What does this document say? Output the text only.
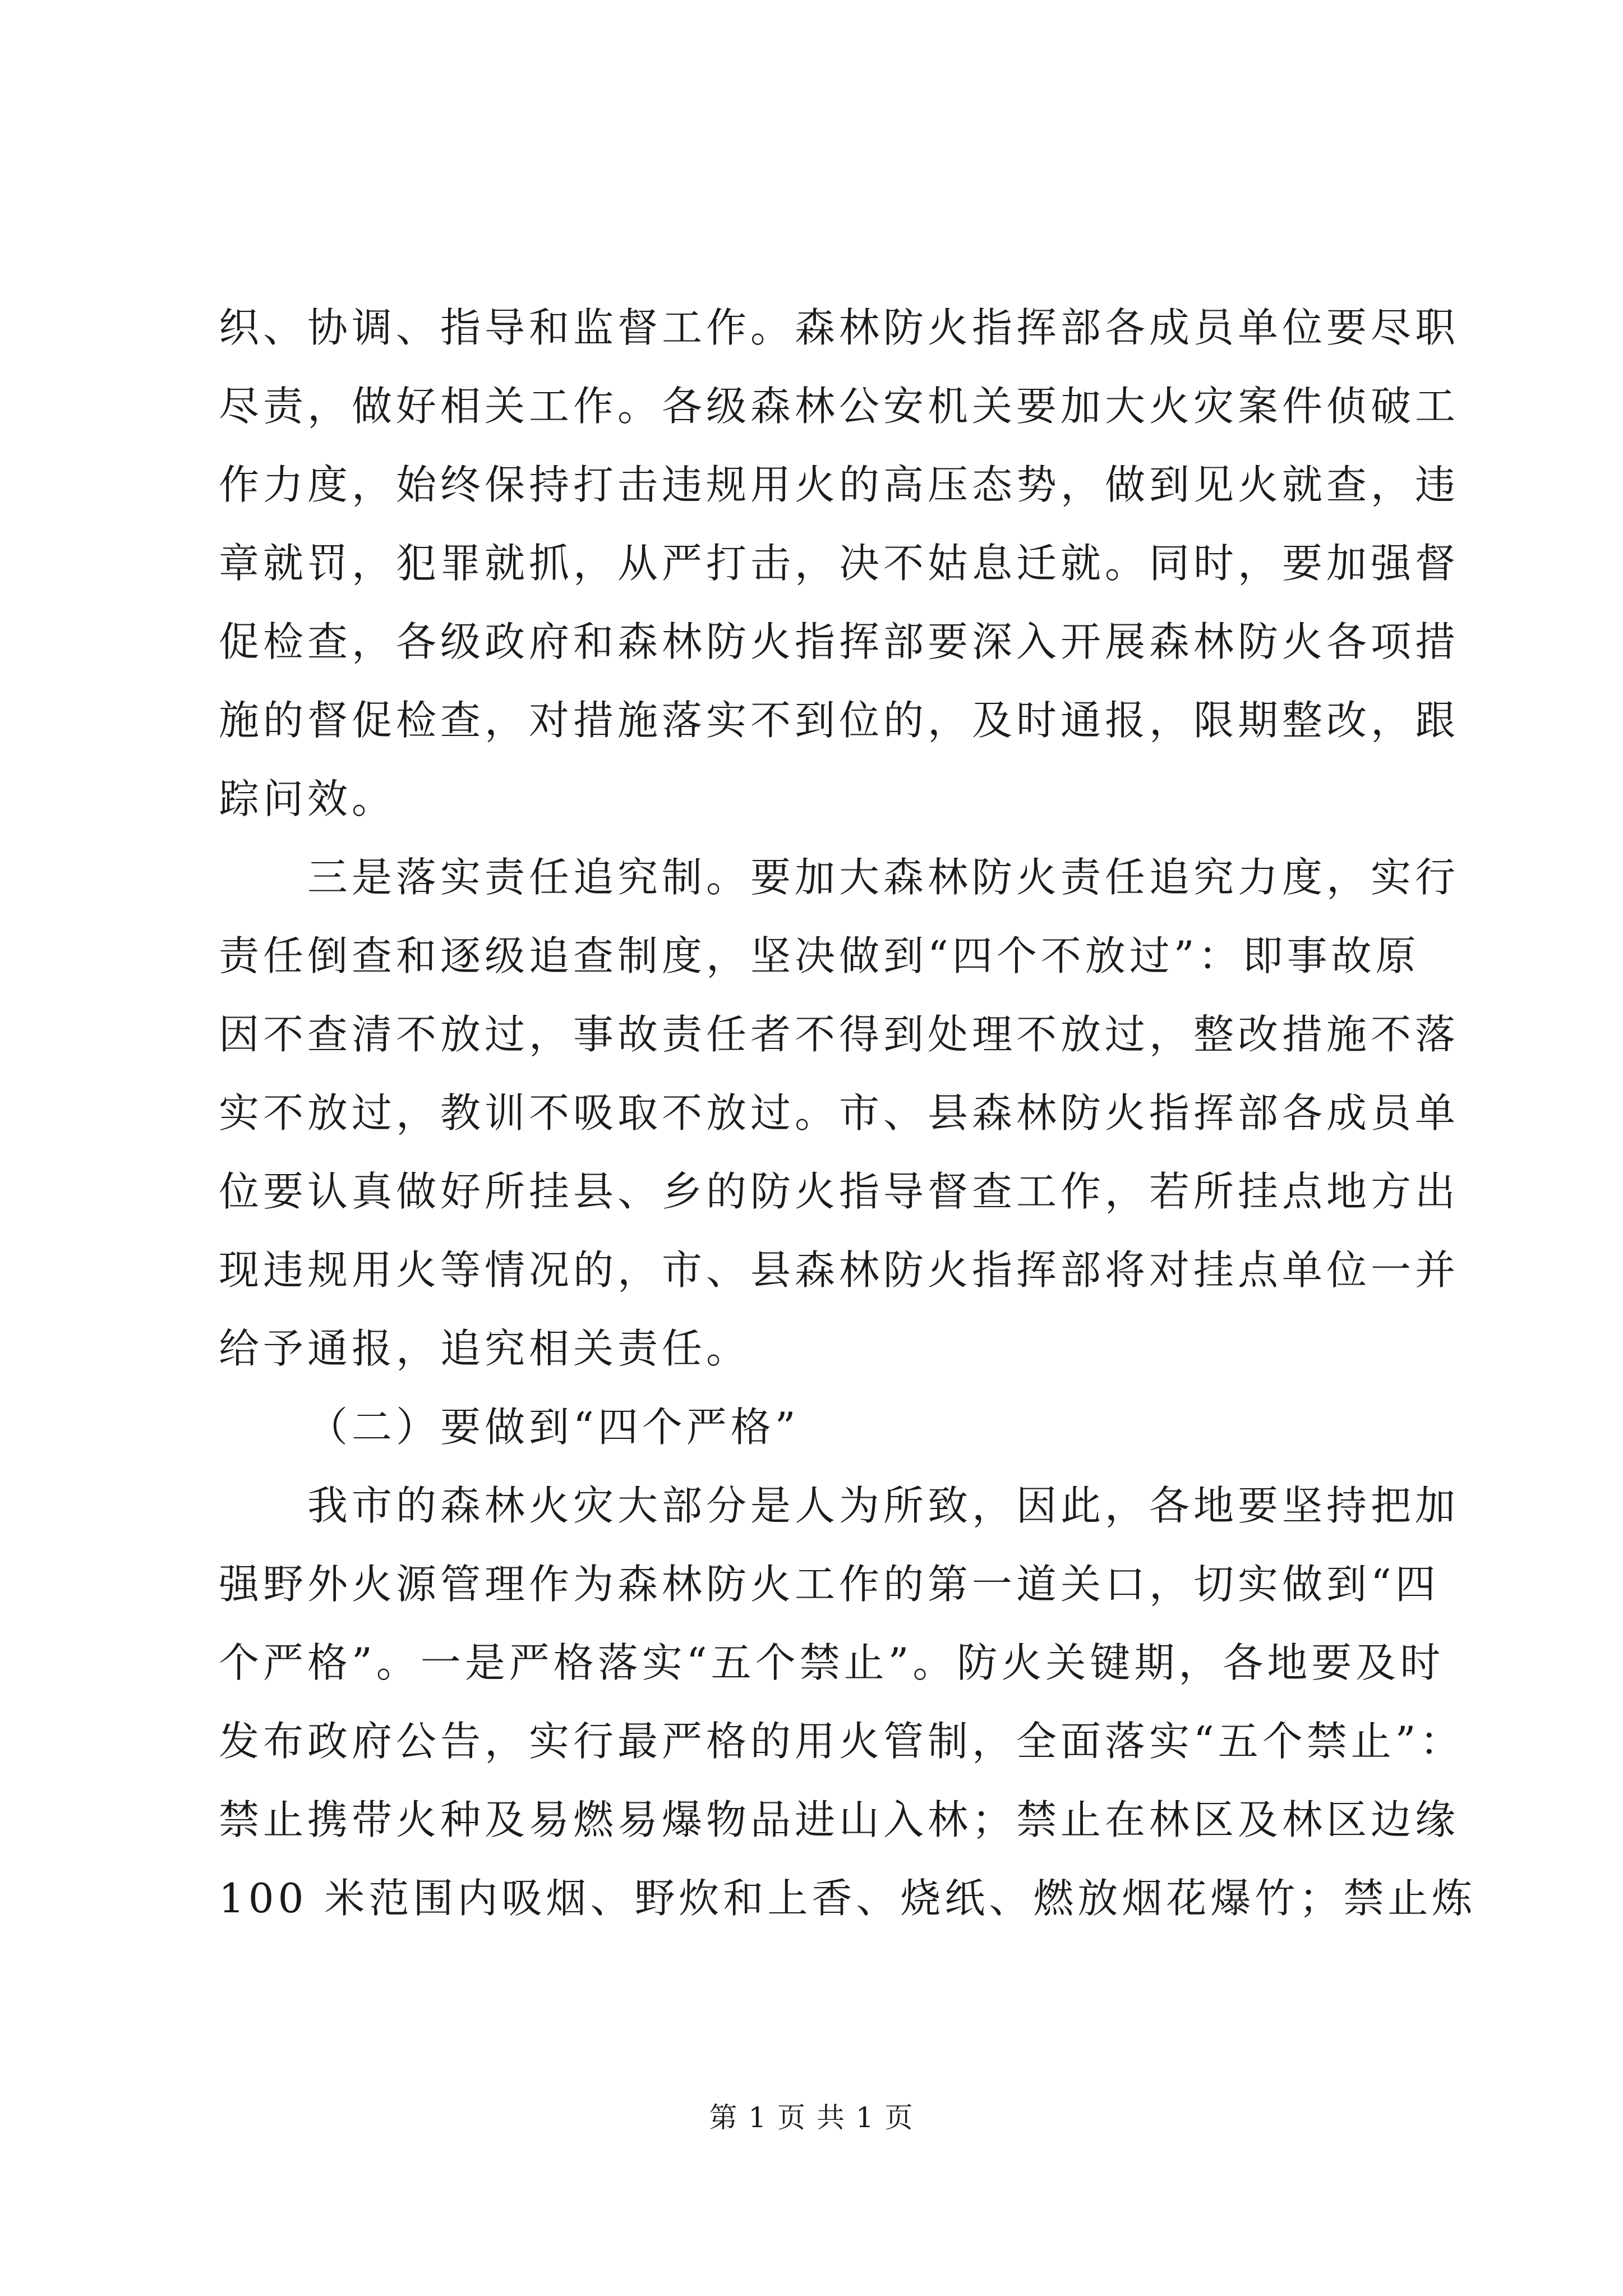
织、协调、指导和监督工作。森林防火指挥部各成员单位要尽职
尽责，做好相关工作。各级森林公安机关要加大火灾案件侦破工
作力度，始终保持打击违规用火的高压态势，做到见火就查，违
章就罚，犯罪就抓，从严打击，决不姑息迁就。同时，要加强督
促检查，各级政府和森林防火指挥部要深入开展森林防火各项措
施的督促检查，对措施落实不到位的，及时通报，限期整改，跟
踪问效。
三是落实责任追究制。要加大森林防火责任追究力度，实行
责任倒查和逐级追查制度，坚决做到“四个不放过”：即事故原
因不查清不放过，事故责任者不得到处理不放过，整改措施不落
实不放过，教训不吸取不放过。市、县森林防火指挥部各成员单
位要认真做好所挂县、乡的防火指导督查工作，若所挂点地方出
现违规用火等情况的，市、县森林防火指挥部将对挂点单位一并
给予通报，追究相关责任。
（二）要做到“四个严格”
我市的森林火灾大部分是人为所致，因此，各地要坚持把加
强野外火源管理作为森林防火工作的第一道关口，切实做到“四
个严格”。一是严格落实“五个禁止”。防火关键期，各地要及时
发布政府公告，实行最严格的用火管制，全面落实“五个禁止”：
禁止携带火种及易燃易爆物品进山入林；禁止在林区及林区边缘
100 米范围内吸烟、野炊和上香、烧纸、燃放烟花爆竹；禁止炼
第 1 页 共 1 页
